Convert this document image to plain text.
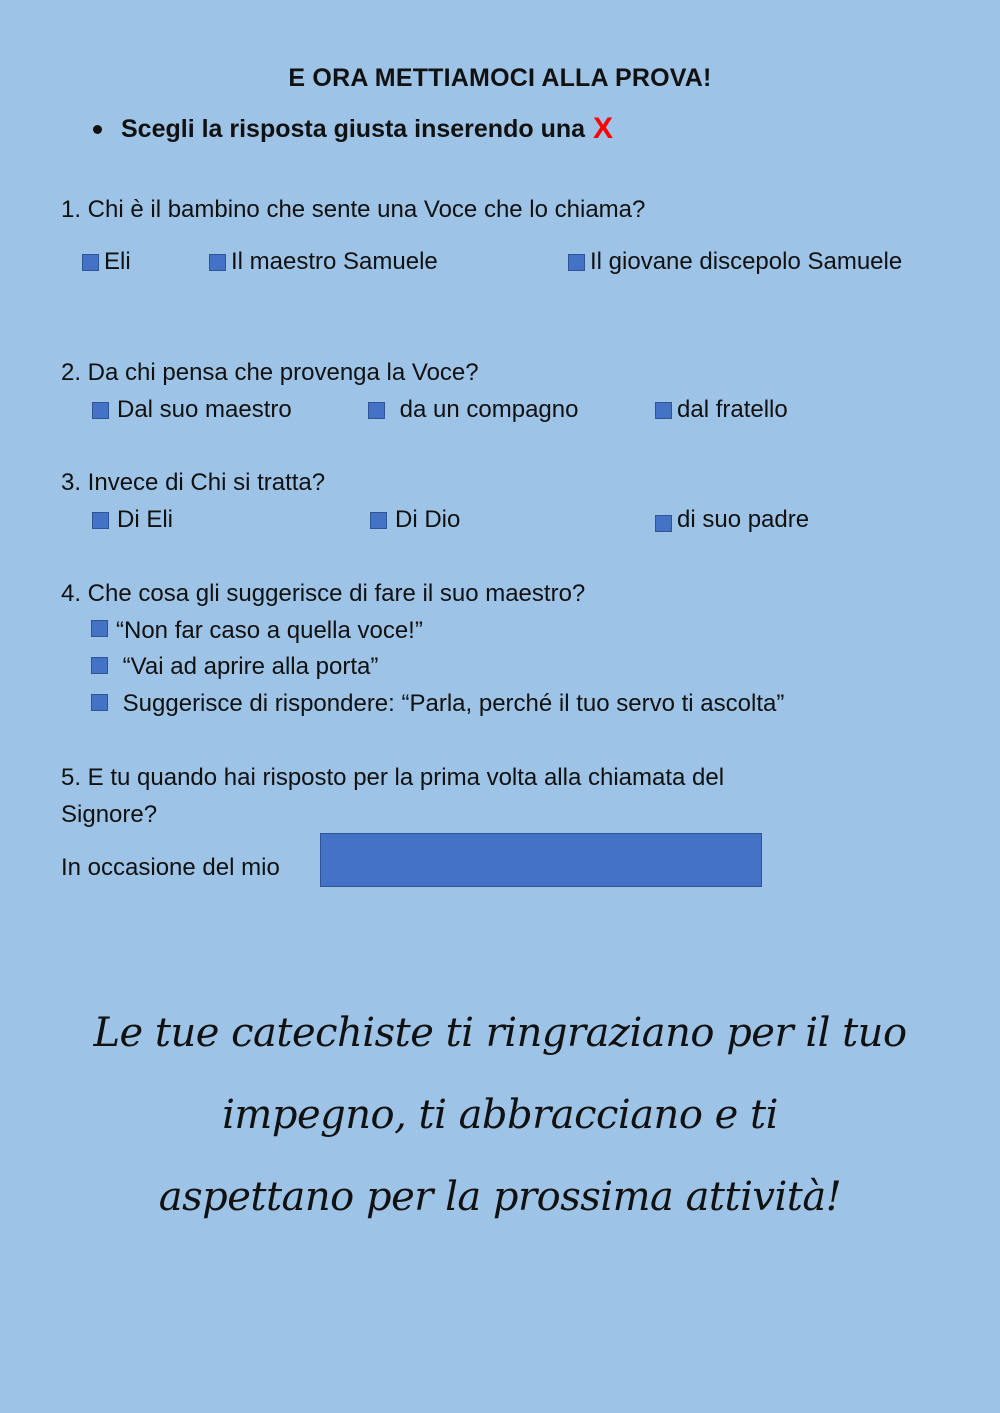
E ORA METTIAMOCI ALLA PROVA!
Scegli la risposta giusta inserendo una X
1. Chi è il bambino che sente una Voce che lo chiama?
Eli	Il maestro Samuele	Il giovane discepolo Samuele
2. Da chi pensa che provenga la Voce?
Dal suo maestro	da un compagno	dal fratello
3. Invece di Chi si tratta?
Di Eli	Di Dio	di suo padre
4. Che cosa gli suggerisce di fare il suo maestro?
“Non far caso a quella voce!”
“Vai ad aprire alla porta”
Suggerisce di rispondere: “Parla, perché il tuo servo ti ascolta”
5. E tu quando hai risposto per la prima volta alla chiamata del
Signore?
In occasione del mio
Le tue catechiste ti ringraziano per il tuo
impegno, ti abbracciano e ti
aspettano per la prossima attività!
